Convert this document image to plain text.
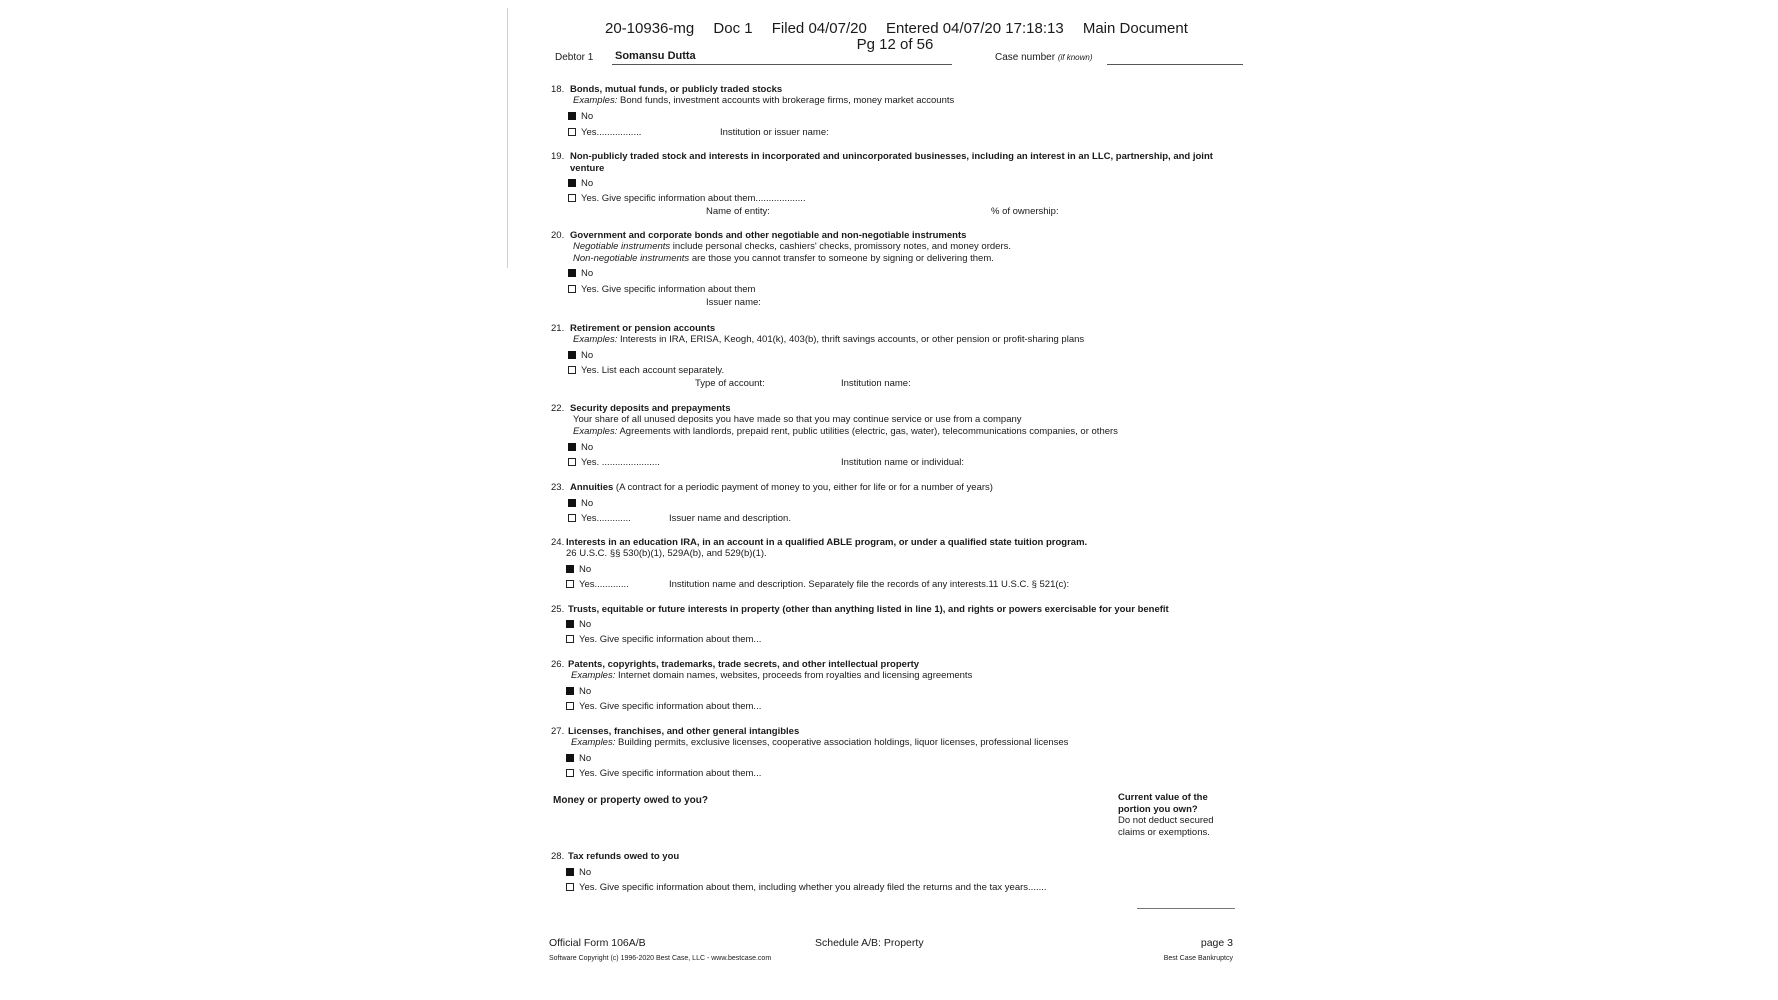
20-10936-mg Doc 1 Filed 04/07/20 Entered 04/07/20 17:18:13 Main Document
Pg 12 of 56
Debtor 1 Somansu Dutta	Case number (if known)
18. Bonds, mutual funds, or publicly traded stocks
Examples: Bond funds, investment accounts with brokerage firms, money market accounts
No
Yes.................	Institution or issuer name:
19. Non-publicly traded stock and interests in incorporated and unincorporated businesses, including an interest in an LLC, partnership, and joint venture
No
Yes. Give specific information about them...................
Name of entity:	% of ownership:
20. Government and corporate bonds and other negotiable and non-negotiable instruments
Negotiable instruments include personal checks, cashiers' checks, promissory notes, and money orders.
Non-negotiable instruments are those you cannot transfer to someone by signing or delivering them.
No
Yes. Give specific information about them
Issuer name:
21. Retirement or pension accounts
Examples: Interests in IRA, ERISA, Keogh, 401(k), 403(b), thrift savings accounts, or other pension or profit-sharing plans
No
Yes. List each account separately.
Type of account:	Institution name:
22. Security deposits and prepayments
Your share of all unused deposits you have made so that you may continue service or use from a company
Examples: Agreements with landlords, prepaid rent, public utilities (electric, gas, water), telecommunications companies, or others
No
Yes. ......................	Institution name or individual:
23. Annuities (A contract for a periodic payment of money to you, either for life or for a number of years)
No
Yes.............	Issuer name and description.
24. Interests in an education IRA, in an account in a qualified ABLE program, or under a qualified state tuition program.
26 U.S.C. §§ 530(b)(1), 529A(b), and 529(b)(1).
No
Yes.............	Institution name and description. Separately file the records of any interests.11 U.S.C. § 521(c):
25. Trusts, equitable or future interests in property (other than anything listed in line 1), and rights or powers exercisable for your benefit
No
Yes. Give specific information about them...
26. Patents, copyrights, trademarks, trade secrets, and other intellectual property
Examples: Internet domain names, websites, proceeds from royalties and licensing agreements
No
Yes. Give specific information about them...
27. Licenses, franchises, and other general intangibles
Examples: Building permits, exclusive licenses, cooperative association holdings, liquor licenses, professional licenses
No
Yes. Give specific information about them...
Money or property owed to you?	Current value of the
portion you own?
Do not deduct secured
claims or exemptions.
28. Tax refunds owed to you
No
Yes. Give specific information about them, including whether you already filed the returns and the tax years.......
Official Form 106A/B	Schedule A/B: Property	page 3
Software Copyright (c) 1996-2020 Best Case, LLC - www.bestcase.com	Best Case Bankruptcy
